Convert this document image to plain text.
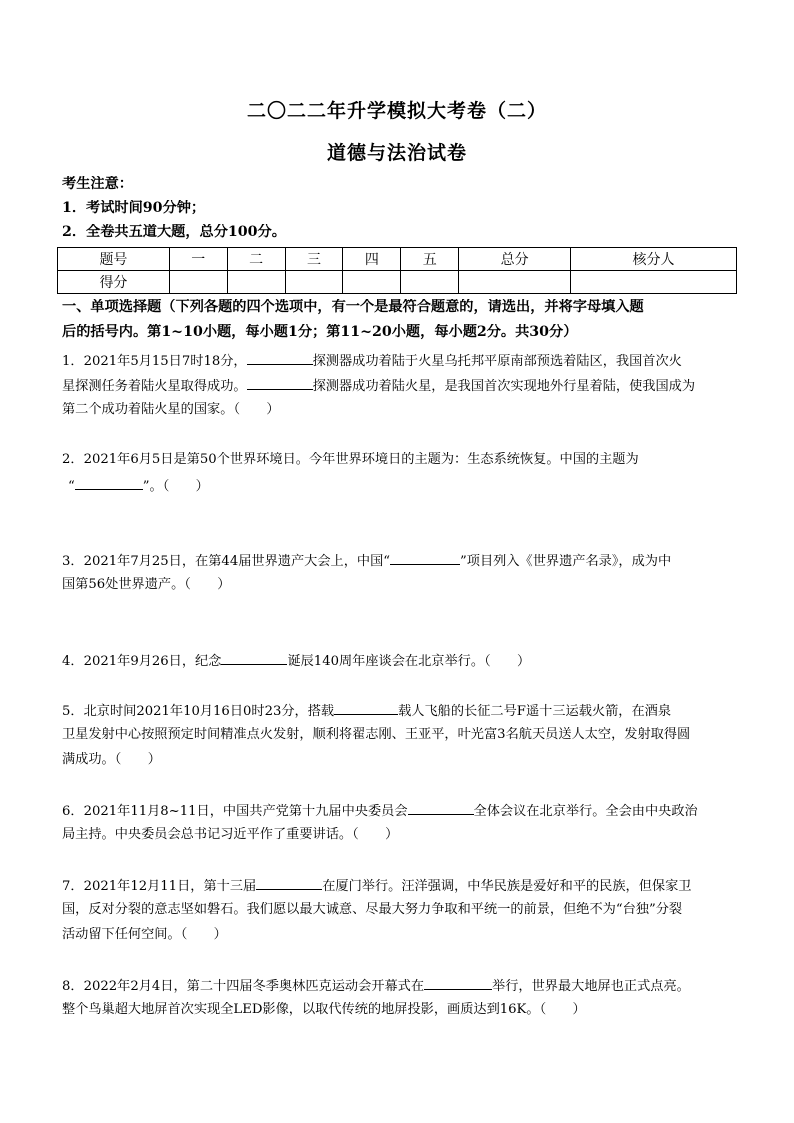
二〇二二年升学模拟大考卷（二）
道德与法治试卷
考生注意：
1．考试时间90分钟；
2．全卷共五道大题，总分100分。
题号	一	二	三	四	五	总分	核分人
得分							
一、单项选择题（下列各题的四个选项中，有一个是最符合题意的，请选出，并将字母填入题
后的括号内。第1~10小题，每小题1分；第11~20小题，每小题2分。共30分）
1．2021年5月15日7时18分，	探测器成功着陆于火星乌托邦平原南部预选着陆区，我国首次火
星探测任务着陆火星取得成功。	探测器成功着陆火星，是我国首次实现地外行星着陆，使我国成为
第二个成功着陆火星的国家。（　　）
2．2021年6月5日是第50个世界环境日。今年世界环境日的主题为：生态系统恢复。中国的主题为
“	”。（　　）
3．2021年7月25日，在第44届世界遗产大会上，中国“	”项目列入《世界遗产名录》，成为中
国第56处世界遗产。（　　）
4．2021年9月26日，纪念	诞辰140周年座谈会在北京举行。（　　）
5．北京时间2021年10月16日0时23分，搭载	载人飞船的长征二号F遥十三运载火箭，在酒泉
卫星发射中心按照预定时间精准点火发射，顺利将翟志刚、王亚平，叶光富3名航天员送人太空，发射取得圆
满成功。（　　）
6．2021年11月8~11日，中国共产党第十九届中央委员会	全体会议在北京举行。全会由中央政治
局主持。中央委员会总书记习近平作了重要讲话。（　　）
7．2021年12月11日，第十三届	在厦门举行。汪洋强调，中华民族是爱好和平的民族，但保家卫
国，反对分裂的意志坚如磐石。我们愿以最大诚意、尽最大努力争取和平统一的前景，但绝不为“台独”分裂
活动留下任何空间。（　　）
8．2022年2月4日，第二十四届冬季奥林匹克运动会开幕式在	举行，世界最大地屏也正式点亮。
整个鸟巢超大地屏首次实现全LED影像，以取代传统的地屏投影，画质达到16K。（　　）
